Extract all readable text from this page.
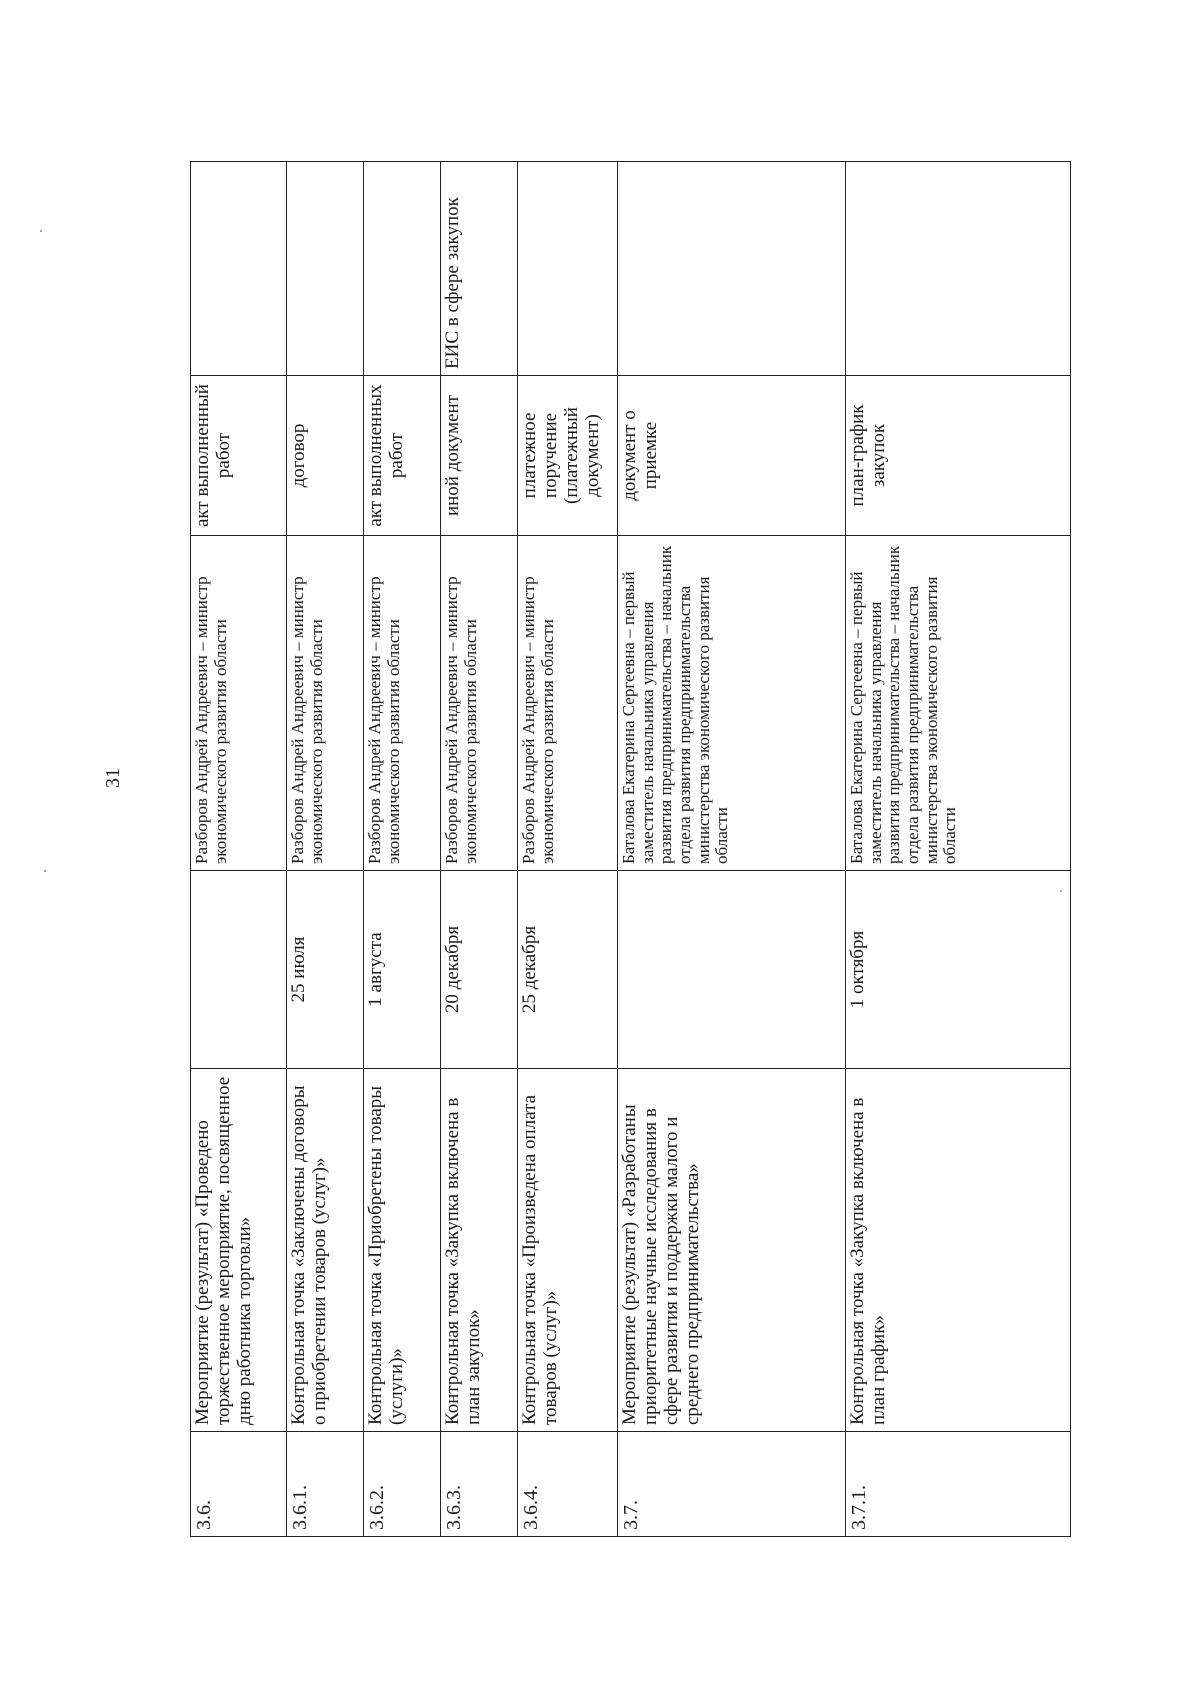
31
3.6.	Мероприятие (результат) «Проведено торжественное мероприятие, посвященное дню работника торговли»		Разборов Андрей Андреевич – министр экономического развития области	акт выполненный работ	
3.6.1.	Контрольная точка «Заключены договоры о приобретении товаров (услуг)»	25 июля	Разборов Андрей Андреевич – министр экономического развития области	договор	
3.6.2.	Контрольная точка «Приобретены товары (услуги)»	1 августа	Разборов Андрей Андреевич – министр экономического развития области	акт выполненных работ	
3.6.3.	Контрольная точка «Закупка включена в план закупок»	20 декабря	Разборов Андрей Андреевич – министр экономического развития области	иной документ	ЕИС в сфере закупок
3.6.4.	Контрольная точка «Произведена оплата товаров (услуг)»	25 декабря	Разборов Андрей Андреевич – министр экономического развития области	платежное поручение (платежный документ)	
3.7.	Мероприятие (результат) «Разработаны приоритетные научные исследования в сфере развития и поддержки малого и среднего предпринимательства»		Баталова Екатерина Сергеевна – первый заместитель начальника управления развития предпринимательства – начальник отдела развития предпринимательства министерства экономического развития области	документ о приемке	
3.7.1.	Контрольная точка «Закупка включена в план график»	1 октября	Баталова Екатерина Сергеевна – первый заместитель начальника управления развития предпринимательства – начальник отдела развития предпринимательства министерства экономического развития области	план-график закупок	
